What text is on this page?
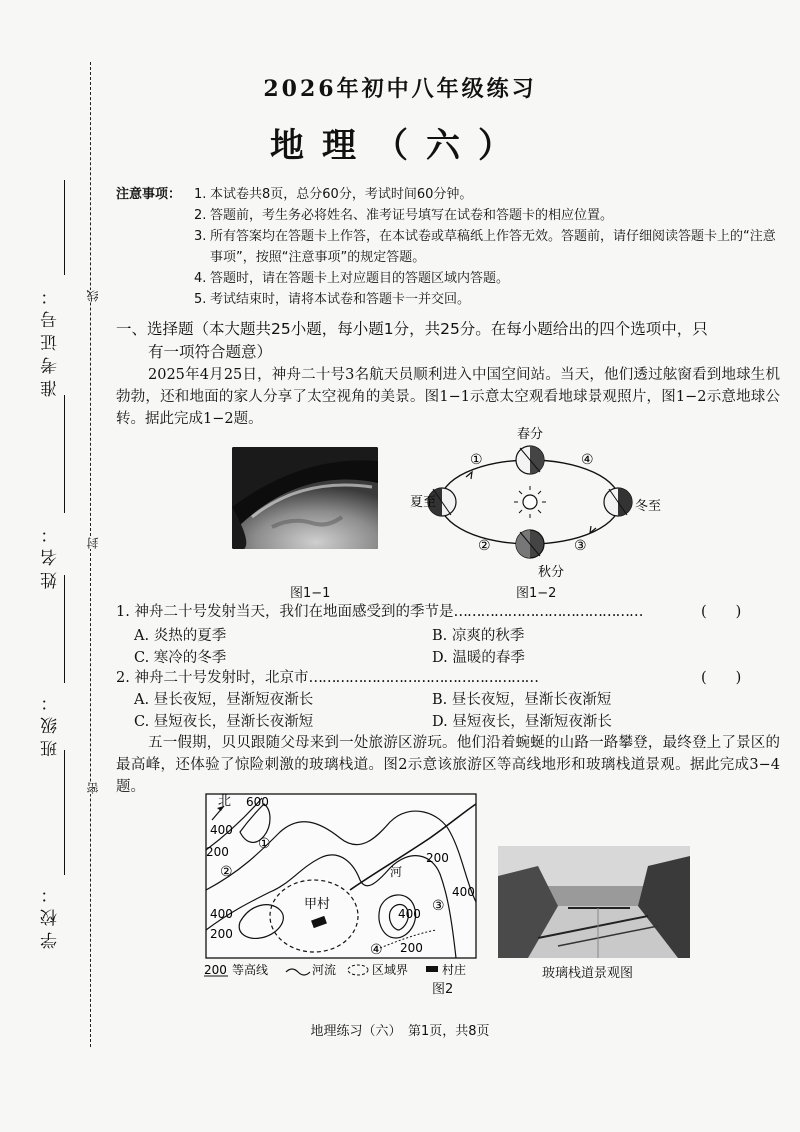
准考证号：
姓名：
班级：
学校：
线
封
密
2026年初中八年级练习
地理（六）
注意事项： 1. 本试卷共8页，总分60分，考试时间60分钟。
2. 答题前，考生务必将姓名、准考证号填写在试卷和答题卡的相应位置。
3. 所有答案均在答题卡上作答，在本试卷或草稿纸上作答无效。答题前，请仔细阅读答题卡上的“注意事项”，按照“注意事项”的规定答题。
4. 答题时，请在答题卡上对应题目的答题区域内答题。
5. 考试结束时，请将本试卷和答题卡一并交回。
一、选择题（本大题共25小题，每小题1分，共25分。在每小题给出的四个选项中，只
有一项符合题意）
2025年4月25日，神舟二十号3名航天员顺利进入中国空间站。当天，他们透过舷窗看到地球生机勃勃，还和地面的家人分享了太空视角的美景。图1−1示意太空观看地球景观照片，图1−2示意地球公转。据此完成1−2题。
图1−1
春分
夏至	冬至
秋分
①	④
②	③
图1−2
1. 神舟二十号发射当天，我们在地面感受到的季节是……………………………………	(　　)
A. 炎热的夏季	B. 凉爽的秋季
C. 寒冷的冬季	D. 温暖的春季
2. 神舟二十号发射时，北京市……………………………………………	(　　)
A. 昼长夜短，昼渐短夜渐长	B. 昼长夜短，昼渐长夜渐短
C. 昼短夜长，昼渐长夜渐短	D. 昼短夜长，昼渐短夜渐长
五一假期，贝贝跟随父母来到一处旅游区游玩。他们沿着蜿蜒的山路一路攀登，最终登上了景区的最高峰，还体验了惊险刺激的玻璃栈道。图2示意该旅游区等高线地形和玻璃栈道景观。据此完成3−4题。
北
甲村
600
400
200
200
400	400
200
400
200
河
①
②
③
④
200 等高线	河流	区域界	村庄
图2
玻璃栈道景观图
地理练习（六）　第1页，共8页
